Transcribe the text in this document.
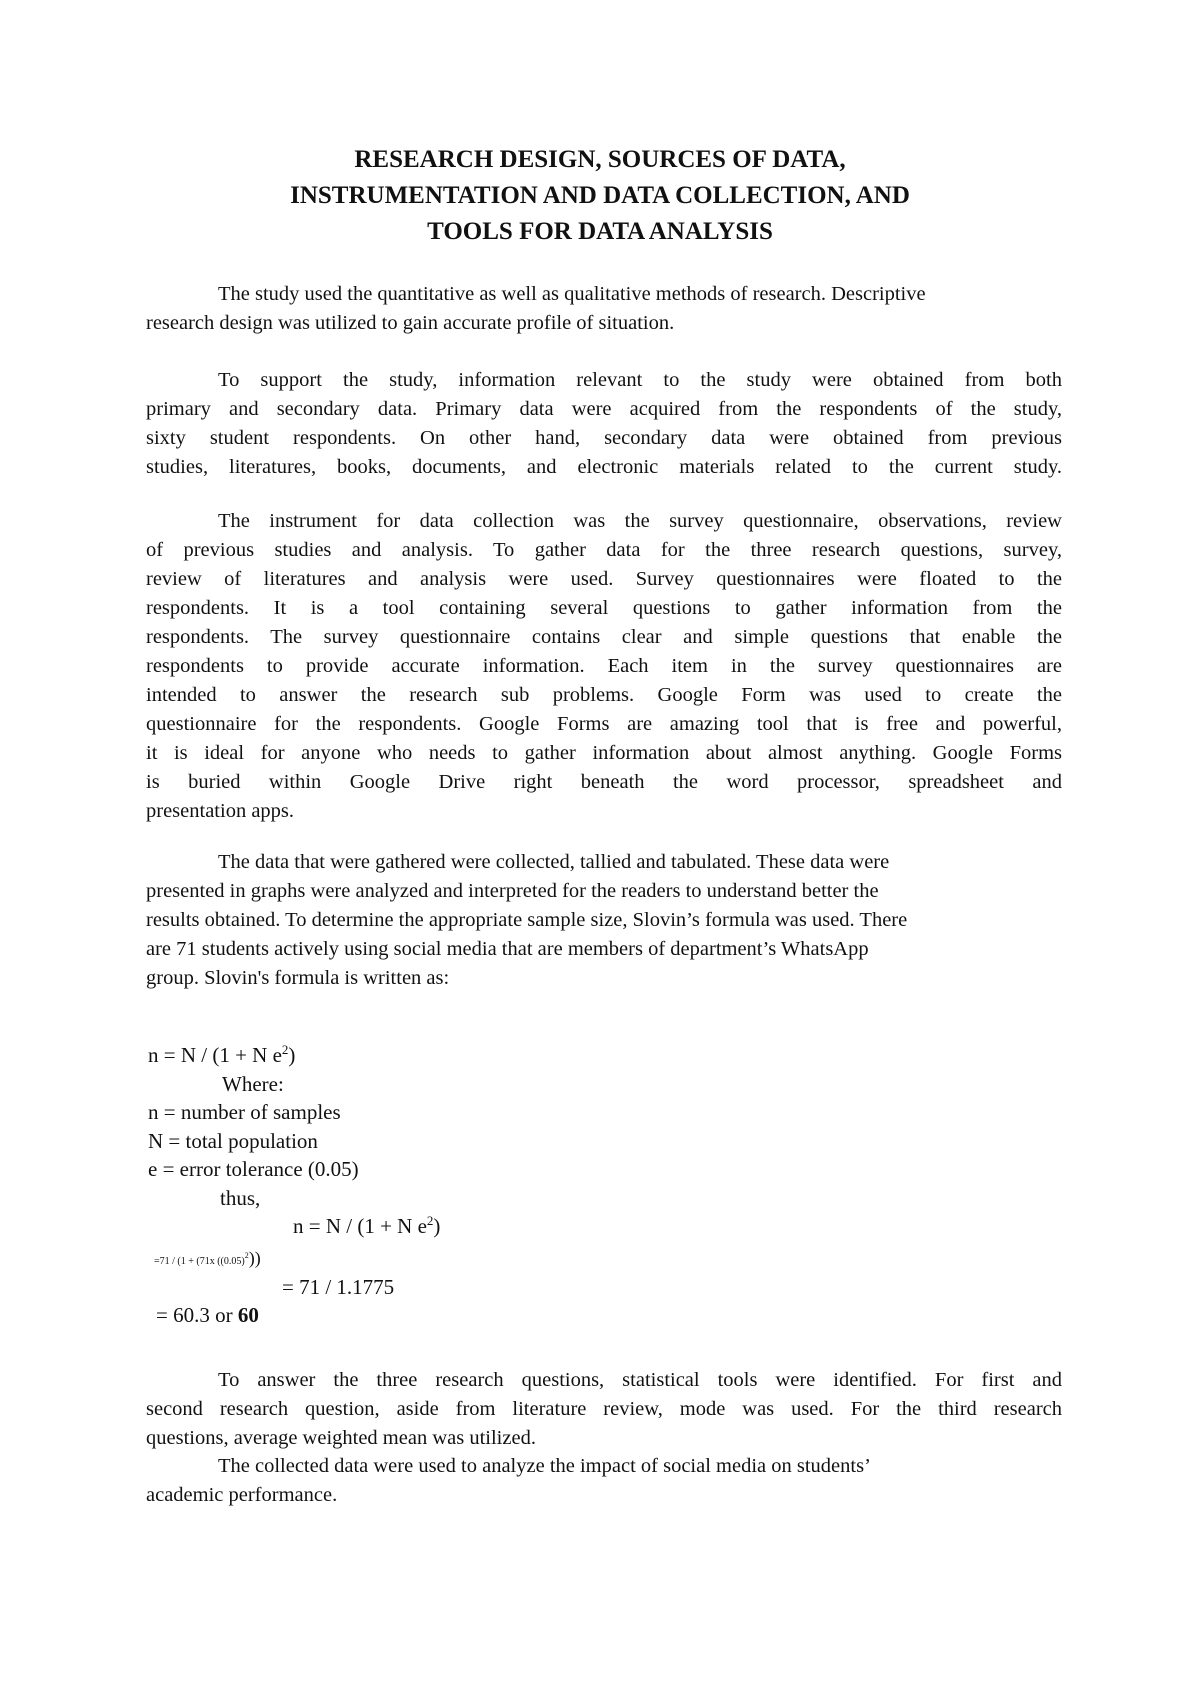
RESEARCH DESIGN, SOURCES OF DATA,
INSTRUMENTATION AND DATA COLLECTION, AND
TOOLS FOR DATA ANALYSIS

The study used the quantitative as well as qualitative methods of research. Descriptive

research design was utilized to gain accurate profile of situation.

To support the study, information relevant to the study were obtained from both

primary and secondary data. Primary data were acquired from the respondents of the study,

sixty student respondents. On other hand, secondary data were obtained from previous

studies, literatures, books, documents, and electronic materials related to the current study.

The instrument for data collection was the survey questionnaire, observations, review

of previous studies and analysis. To gather data for the three research questions, survey,

review of literatures and analysis were used. Survey questionnaires were floated to the

respondents. It is a tool containing several questions to gather information from the

respondents. The survey questionnaire contains clear and simple questions that enable the

respondents to provide accurate information. Each item in the survey questionnaires are

intended to answer the research sub problems. Google Form was used to create the

questionnaire for the respondents. Google Forms are amazing tool that is free and powerful,

it is ideal for anyone who needs to gather information about almost anything. Google Forms

is buried within Google Drive right beneath the word processor, spreadsheet and

presentation apps.

The data that were gathered were collected, tallied and tabulated. These data were

presented in graphs were analyzed and interpreted for the readers to understand better the

results obtained. To determine the appropriate sample size, Slovin’s formula was used. There

are 71 students actively using social media that are members of department’s WhatsApp

group. Slovin's formula is written as:

n = N / (1 + N $e^2$)
Where:
n = number of samples
N = total population
e = error tolerance (0.05)
thus,
n = N / (1 + N $e^2$)
=71 / (1 + (71x $((0.05)^2)$)
= 71 / 1.1775
= 60.3 or 60

To answer the three research questions, statistical tools were identified. For first and

second research question, aside from literature review, mode was used. For the third research

questions, average weighted mean was utilized.

The collected data were used to analyze the impact of social media on students’

academic performance.
